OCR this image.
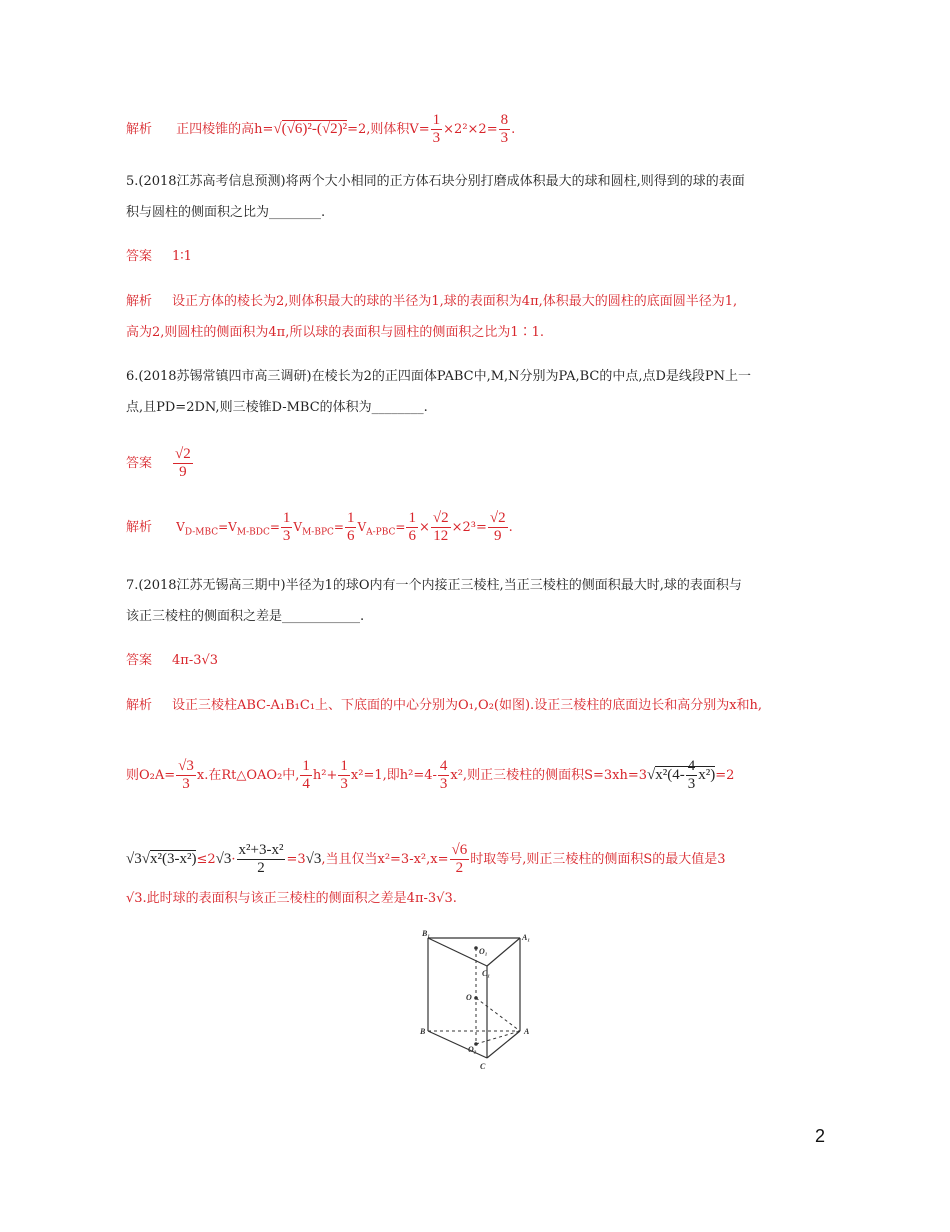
解析 正四棱锥的高h=√(√6)²-(√2)²=2,则体积$V= \frac{1}{3} \times 2^2\times 2= \frac{8}{3}$ .
5.(2018江苏高考信息预测)将两个大小相同的正方体石块分别打磨成体积最大的球和圆柱,则得到的球的表面
积与圆柱的侧面积之比为________.
答案 1∶1
解析 设正方体的棱长为2,则体积最大的球的半径为1,球的表面积为4π,体积最大的圆柱的底面圆半径为1,
高为2,则圆柱的侧面积为4π,所以球的表面积与圆柱的侧面积之比为1∶1.
6.(2018苏锡常镇四市高三调研)在棱长为2的正四面体PABC中,M,N分别为PA,BC的中点,点D是线段PN上一
点,且PD=2DN,则三棱锥D-MBC的体积为________.
答案 $\frac{√2}{9}$
解析 $V_{D-MBC}=V_{M-BDC}= \frac{1}{3} V_{M-BPC}= \frac{1}{6} V_{A-PBC}= \frac{1}{6} \times \frac{√2}{12} \times 2^3= \frac{√2}{9}$ .
7.(2018江苏无锡高三期中)半径为1的球O内有一个内接正三棱柱,当正三棱柱的侧面积最大时,球的表面积与
该正三棱柱的侧面积之差是____________.
答案 4π-3√3
解析 设正三棱柱ABC-A₁B₁C₁上、下底面的中心分别为O₁,O₂(如图).设正三棱柱的底面边长和高分别为x和h,
则$O_2A= \frac{√3}{3} x$.在Rt△OAO₂中, $\frac{1}{4} h^2+ \frac{1}{3} x^2=1$,即$h^2=4- \frac{4}{3} x^2$,则正三棱柱的侧面积$S=3xh=3√x^2(4- \frac{4}{3} x^2)=2$
$√3√x^2(3-x^2)\le 2√3\cdot \frac{\text{x²+3-x²}}{2} =3√3$,当且仅当$x^2=3-x^2,x= \frac{√6}{2}$ 时取等号,则正三棱柱的侧面积S的最大值是3
√3.此时球的表面积与该正三棱柱的侧面积之差是4π-3√3.
B₁	A₁
O₁
C₁
O
B	A
O₂
C
2
